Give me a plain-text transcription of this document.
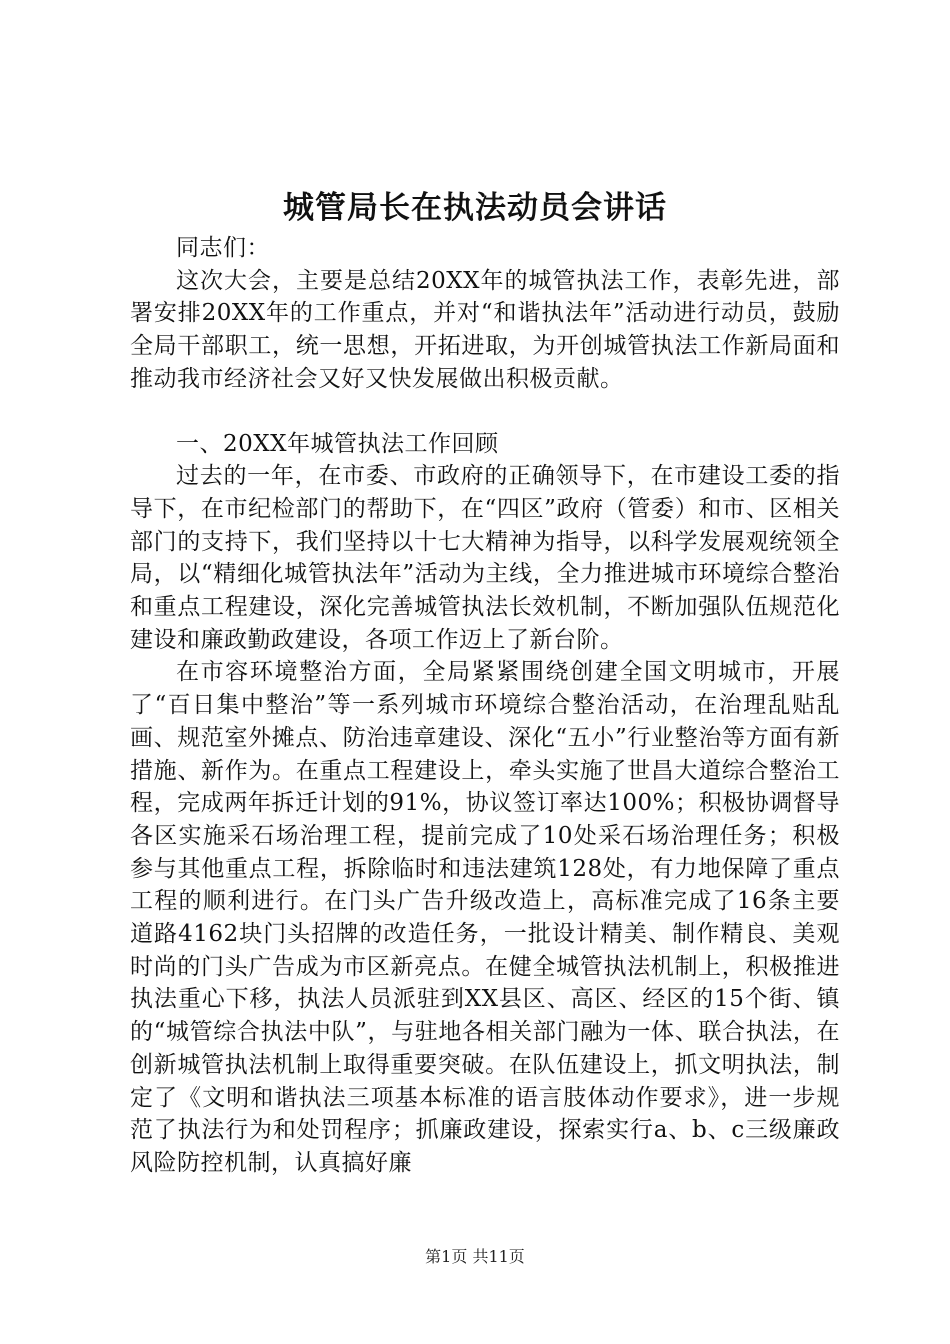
城管局长在执法动员会讲话

同志们：

这次大会，主要是总结20XX年的城管执法工作，表彰先进，部署安排20XX年的工作重点，并对“和谐执法年”活动进行动员，鼓励全局干部职工，统一思想，开拓进取，为开创城管执法工作新局面和推动我市经济社会又好又快发展做出积极贡献。

一、20XX年城管执法工作回顾

过去的一年，在市委、市政府的正确领导下，在市建设工委的指导下，在市纪检部门的帮助下，在“四区”政府（管委）和市、区相关部门的支持下，我们坚持以十七大精神为指导，以科学发展观统领全局，以“精细化城管执法年”活动为主线，全力推进城市环境综合整治和重点工程建设，深化完善城管执法长效机制，不断加强队伍规范化建设和廉政勤政建设，各项工作迈上了新台阶。

在市容环境整治方面，全局紧紧围绕创建全国文明城市，开展了“百日集中整治”等一系列城市环境综合整治活动，在治理乱贴乱画、规范室外摊点、防治违章建设、深化“五小”行业整治等方面有新措施、新作为。在重点工程建设上，牵头实施了世昌大道综合整治工程，完成两年拆迁计划的91%，协议签订率达100%；积极协调督导各区实施采石场治理工程，提前完成了10处采石场治理任务；积极参与其他重点工程，拆除临时和违法建筑128处，有力地保障了重点工程的顺利进行。在门头广告升级改造上，高标准完成了16条主要道路4162块门头招牌的改造任务，一批设计精美、制作精良、美观时尚的门头广告成为市区新亮点。在健全城管执法机制上，积极推进执法重心下移，执法人员派驻到XX县区、高区、经区的15个街、镇的“城管综合执法中队”，与驻地各相关部门融为一体、联合执法，在创新城管执法机制上取得重要突破。在队伍建设上，抓文明执法，制定了《文明和谐执法三项基本标准的语言肢体动作要求》，进一步规范了执法行为和处罚程序；抓廉政建设，探索实行a、b、c三级廉政风险防控机制，认真搞好廉

第1页 共11页
